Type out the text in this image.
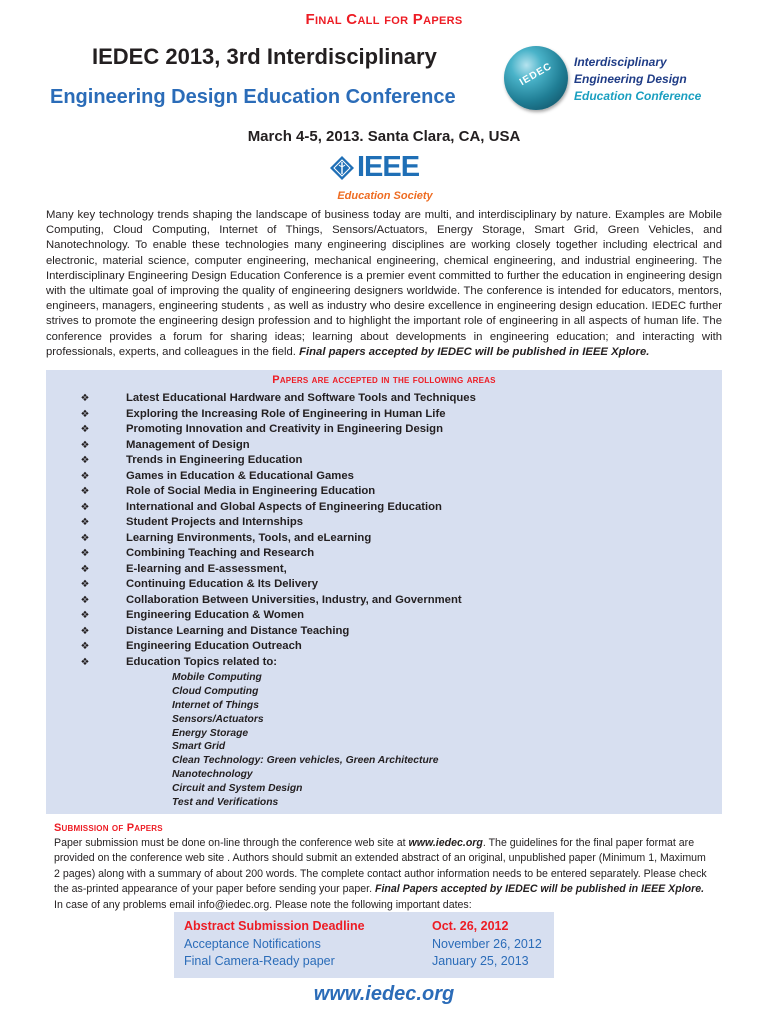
Final Call for Papers
IEDEC 2013, 3rd Interdisciplinary
Engineering Design Education Conference
IEDEC	Interdisciplinary
Engineering Design
Education Conference
March 4-5, 2013. Santa Clara, CA, USA
IEEE
Education Society
Many key technology trends shaping the landscape of business today are multi, and interdisciplinary by nature. Examples are Mobile Computing, Cloud Computing, Internet of Things, Sensors/Actuators, Energy Storage, Smart Grid, Green Vehicles, and Nanotechnology. To enable these technologies many engineering disciplines are working closely together including electrical and electronic, material science, computer engineering, mechanical engineering, chemical engineering, and industrial engineering. The Interdisciplinary Engineering Design Education Conference is a premier event committed to further the education in engineering design with the ultimate goal of improving the quality of engineering designers worldwide. The conference is intended for educators, mentors, engineers, managers, engineering students , as well as industry who desire excellence in engineering design education. IEDEC further strives to promote the engineering design profession and to highlight the important role of engineering in all aspects of human life. The conference provides a forum for sharing ideas; learning about developments in engineering education; and interacting with professionals, experts, and colleagues in the field. Final papers accepted by IEDEC will be published in IEEE Xplore.
Papers are accepted in the following areas
❖	Latest Educational Hardware and Software Tools and Techniques
❖	Exploring the Increasing Role of Engineering in Human Life
❖	Promoting Innovation and Creativity in Engineering Design
❖	Management of Design
❖	Trends in Engineering Education
❖	Games in Education & Educational Games
❖	Role of Social Media in Engineering Education
❖	International and Global Aspects of Engineering Education
❖	Student Projects and Internships
❖	Learning Environments, Tools, and eLearning
❖	Combining Teaching and Research
❖	E-learning and E-assessment,
❖	Continuing Education & Its Delivery
❖	Collaboration Between Universities, Industry, and Government
❖	Engineering Education & Women
❖	Distance Learning and Distance Teaching
❖	Engineering Education Outreach
❖	Education Topics related to:
Mobile Computing
Cloud Computing
Internet of Things
Sensors/Actuators
Energy Storage
Smart Grid
Clean Technology: Green vehicles, Green Architecture
Nanotechnology
Circuit and System Design
Test and Verifications
Submission of Papers
Paper submission must be done on-line through the conference web site at www.iedec.org. The guidelines for the final paper format are provided on the conference web site . Authors should submit an extended abstract of an original, unpublished paper (Minimum 1, Maximum 2 pages) along with a summary of about 200 words. The complete contact author information needs to be entered separately. Please check the as-printed appearance of your paper before sending your paper. Final Papers accepted by IEDEC will be published in IEEE Xplore.
In case of any problems email info@iedec.org. Please note the following important dates:
Abstract Submission Deadline	Oct. 26, 2012
Acceptance Notifications	November 26, 2012
Final Camera-Ready paper	January 25, 2013
www.iedec.org
